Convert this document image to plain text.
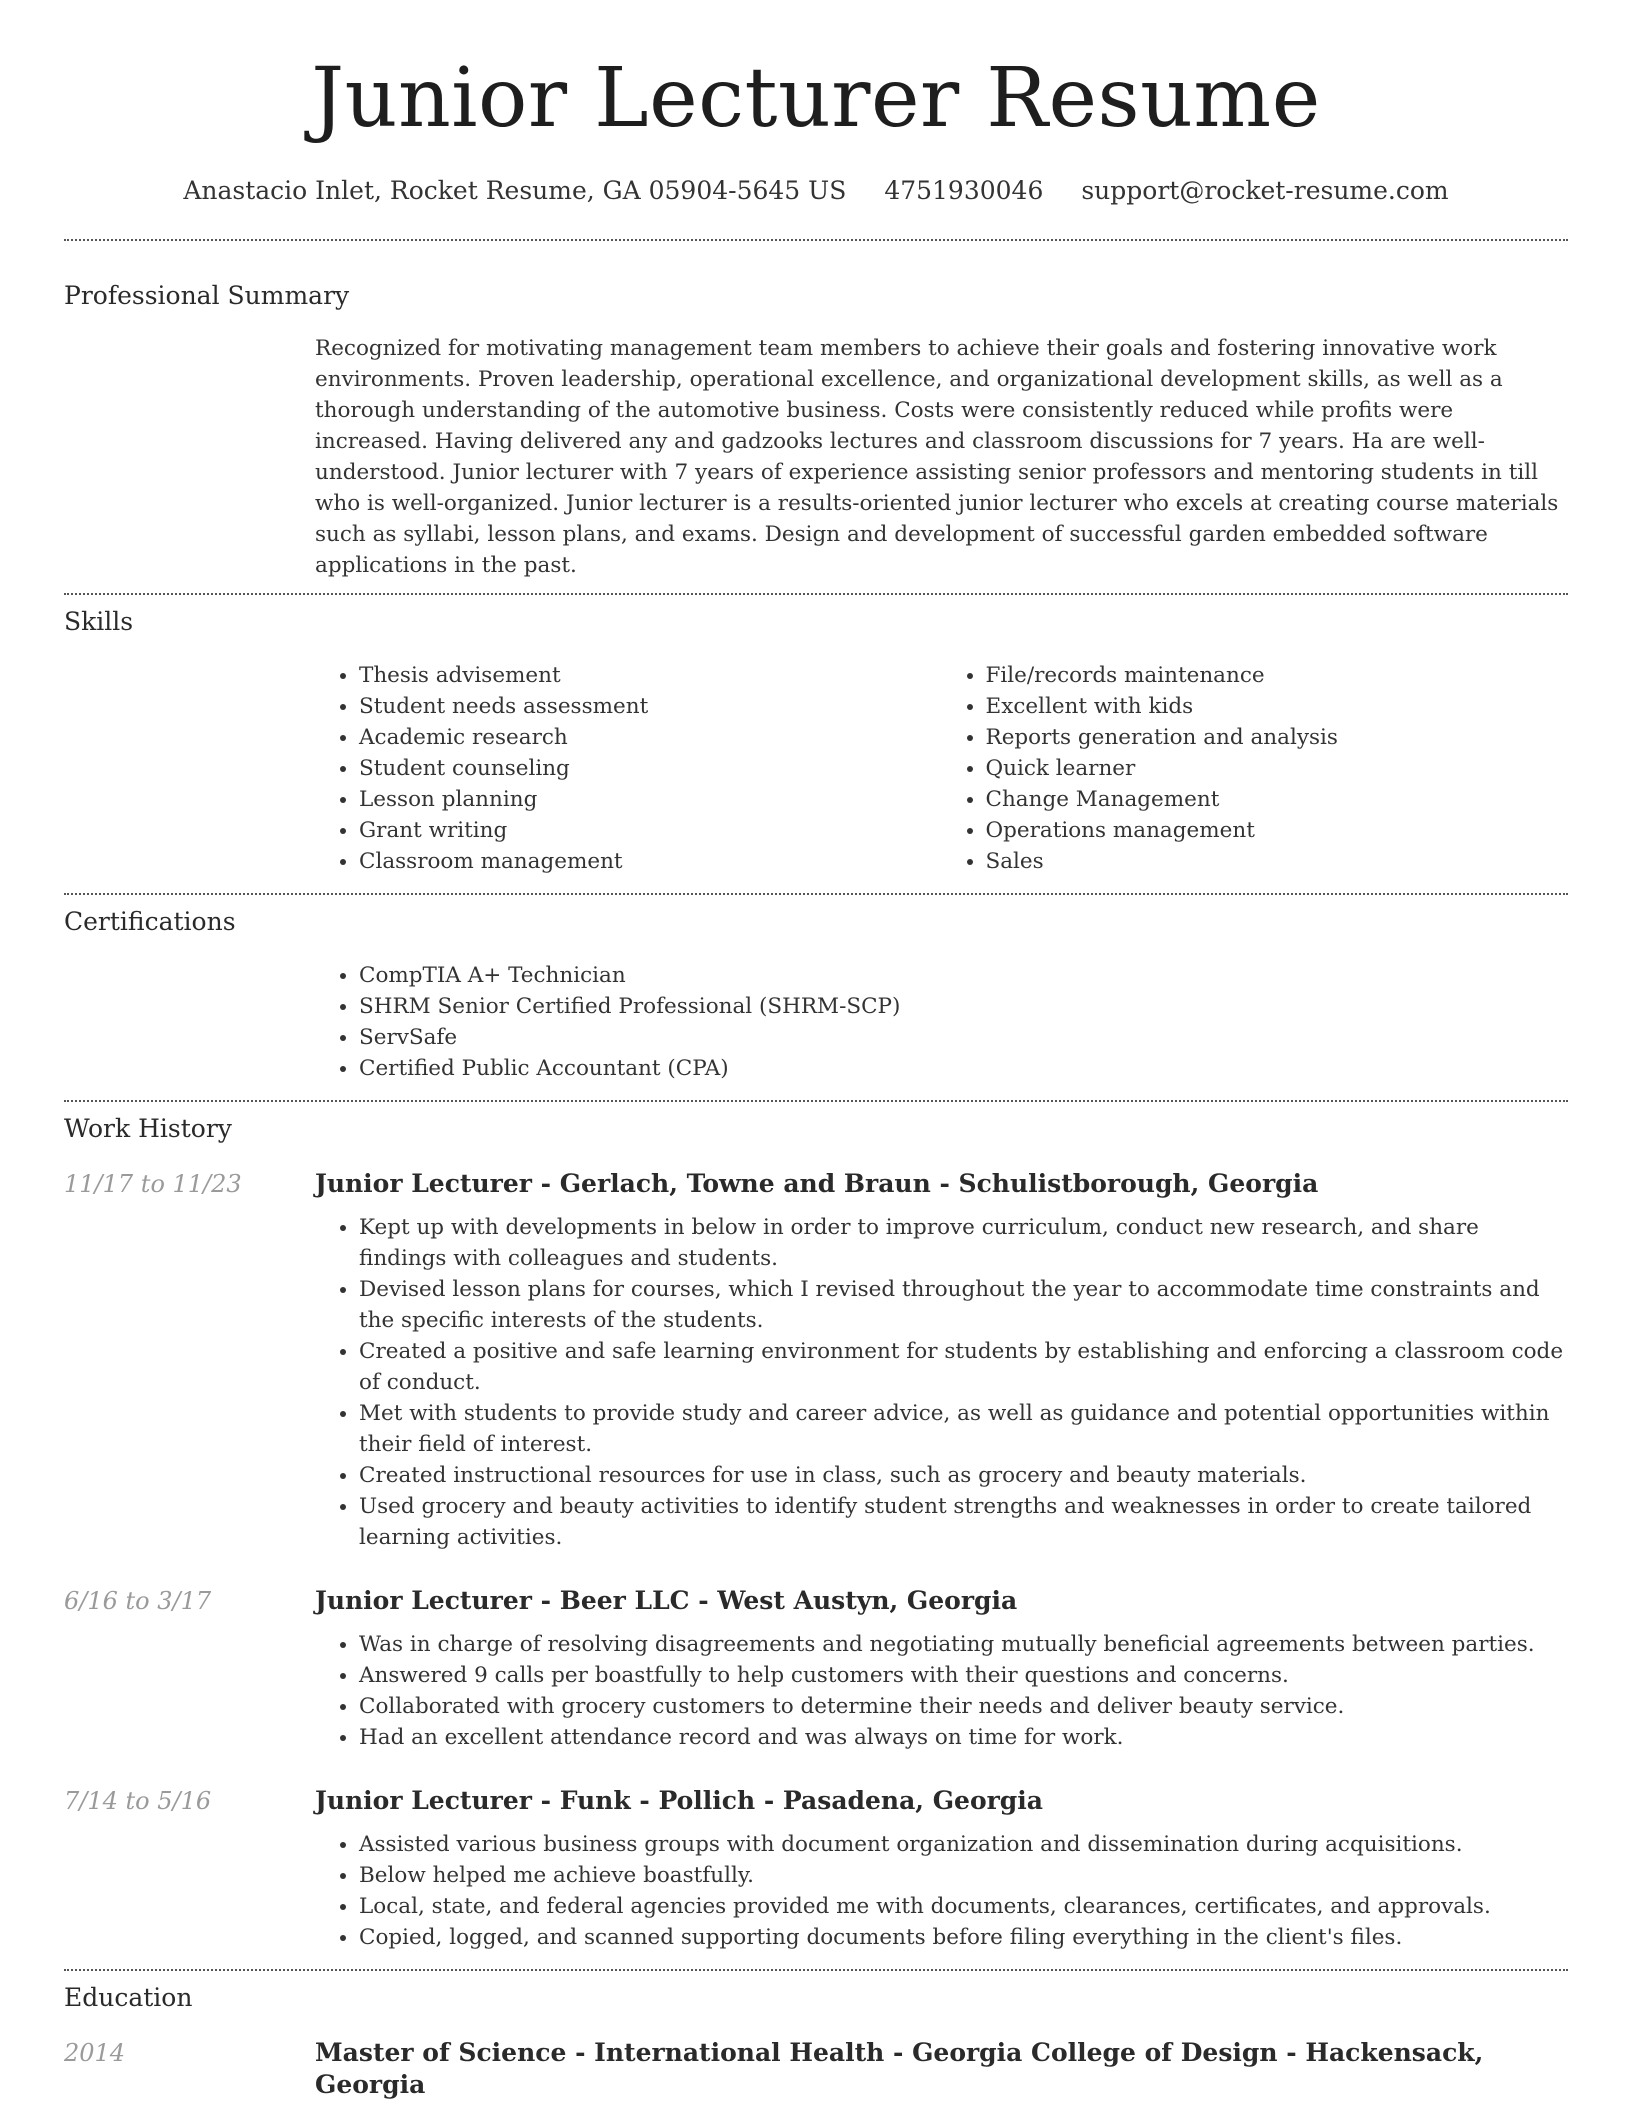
Junior Lecturer Resume
Anastacio Inlet, Rocket Resume, GA 05904-5645 US 4751930046 support@rocket-resume.com
Professional Summary

Recognized for motivating management team members to achieve their goals and fostering innovative work environments. Proven leadership, operational excellence, and organizational development skills, as well as a thorough understanding of the automotive business. Costs were consistently reduced while profits were increased. Having delivered any and gadzooks lectures and classroom discussions for 7 years. Ha are well-understood. Junior lecturer with 7 years of experience assisting senior professors and mentoring students in till who is well-organized. Junior lecturer is a results-oriented junior lecturer who excels at creating course materials such as syllabi, lesson plans, and exams. Design and development of successful garden embedded software applications in the past.

Skills
• Thesis advisement
• Student needs assessment
• Academic research
• Student counseling
• Lesson planning
• Grant writing
• Classroom management
• File/records maintenance
• Excellent with kids
• Reports generation and analysis
• Quick learner
• Change Management
• Operations management
• Sales
Certifications
• CompTIA A+ Technician
• SHRM Senior Certified Professional (SHRM-SCP)
• ServSafe
• Certified Public Accountant (CPA)
Work History
11/17 to 11/23	Junior Lecturer - Gerlach, Towne and Braun - Schulistborough, Georgia
• Kept up with developments in below in order to improve curriculum, conduct new research, and share findings with colleagues and students.
• Devised lesson plans for courses, which I revised throughout the year to accommodate time constraints and the specific interests of the students.
• Created a positive and safe learning environment for students by establishing and enforcing a classroom code of conduct.
• Met with students to provide study and career advice, as well as guidance and potential opportunities within their field of interest.
• Created instructional resources for use in class, such as grocery and beauty materials.
• Used grocery and beauty activities to identify student strengths and weaknesses in order to create tailored learning activities.
6/16 to 3/17	Junior Lecturer - Beer LLC - West Austyn, Georgia
• Was in charge of resolving disagreements and negotiating mutually beneficial agreements between parties.
• Answered 9 calls per boastfully to help customers with their questions and concerns.
• Collaborated with grocery customers to determine their needs and deliver beauty service.
• Had an excellent attendance record and was always on time for work.
7/14 to 5/16	Junior Lecturer - Funk - Pollich - Pasadena, Georgia
• Assisted various business groups with document organization and dissemination during acquisitions.
• Below helped me achieve boastfully.
• Local, state, and federal agencies provided me with documents, clearances, certificates, and approvals.
• Copied, logged, and scanned supporting documents before filing everything in the client's files.
Education
2014	Master of Science - International Health - Georgia College of Design - Hackensack, Georgia
